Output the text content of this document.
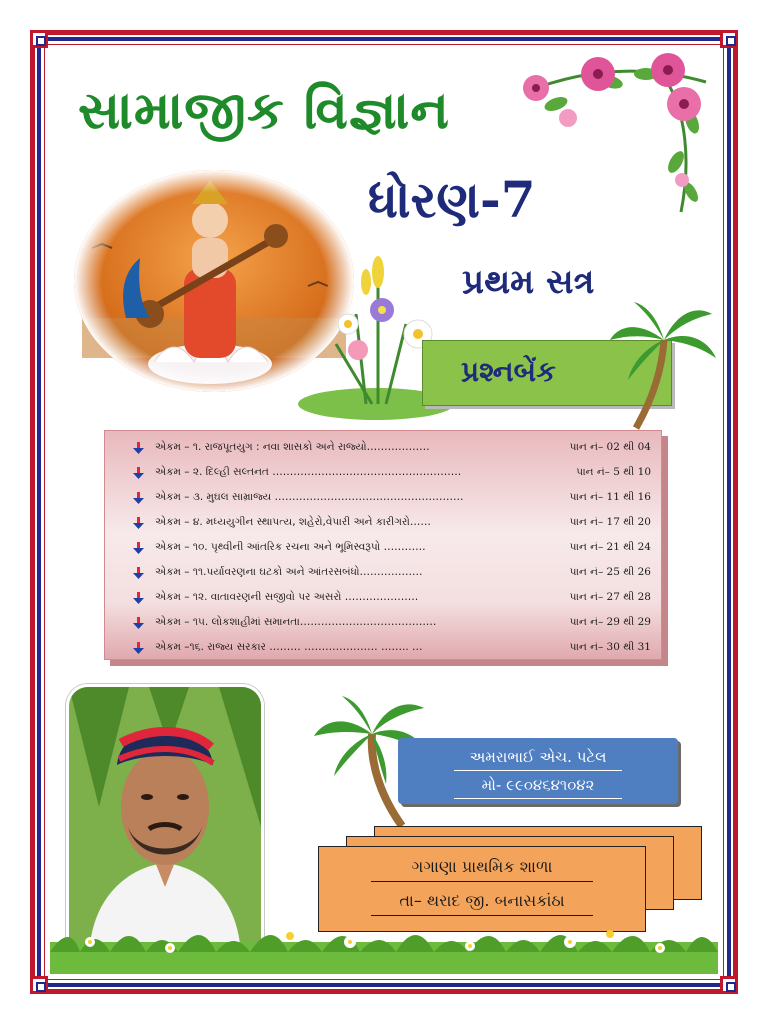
સામાજીક વિજ્ઞાન
ધોરણ-7
પ્રથમ સત્ર
પ્રશ્નબેંક
એકમ – ૧. રાજપૂતયુગ : નવા શાસકો અને રાજ્યો………………	પાન નં– 02 થી 04
એકમ – ૨. દિલ્હી સલ્તનત ………………………………………………	પાન નં– 5 થી 10
એકમ – ૩. મુઘલ સામ્રાજ્ય ………………………………………………	પાન નં– 11 થી 16
એકમ – ૪. મધ્યયુગીન સ્થાપત્ય, શહેરો,વેપારી અને કારીગરો……	પાન નં– 17 થી 20
એકમ – ૧૦. પૃથ્વીની આંતરિક રચના અને ભૂમિસ્વરૂપો …………	પાન નં– 21 થી 24
એકમ – ૧૧.પર્યાવરણના ઘટકો અને આંતરસબંધો………………	પાન નં– 25 થી 26
એકમ – ૧૨. વાતાવરણની સજીવો પર અસરો …………………	પાન નં– 27 થી 28
એકમ – ૧૫. લોકશાહીમાં સમાનતા…………………………………	પાન નં– 29 થી 29
એકમ –૧૬. રાજ્ય સરકાર ……… ………………… …….. …	પાન નં– 30 થી 31
અમરાભાઈ એચ. પટેલ
મો- ૯૯૦૪૬૪૧૦૪૨
ગગાણા પ્રાથમિક શાળા
તા– થરાદ જી. બનાસકાંઠા
